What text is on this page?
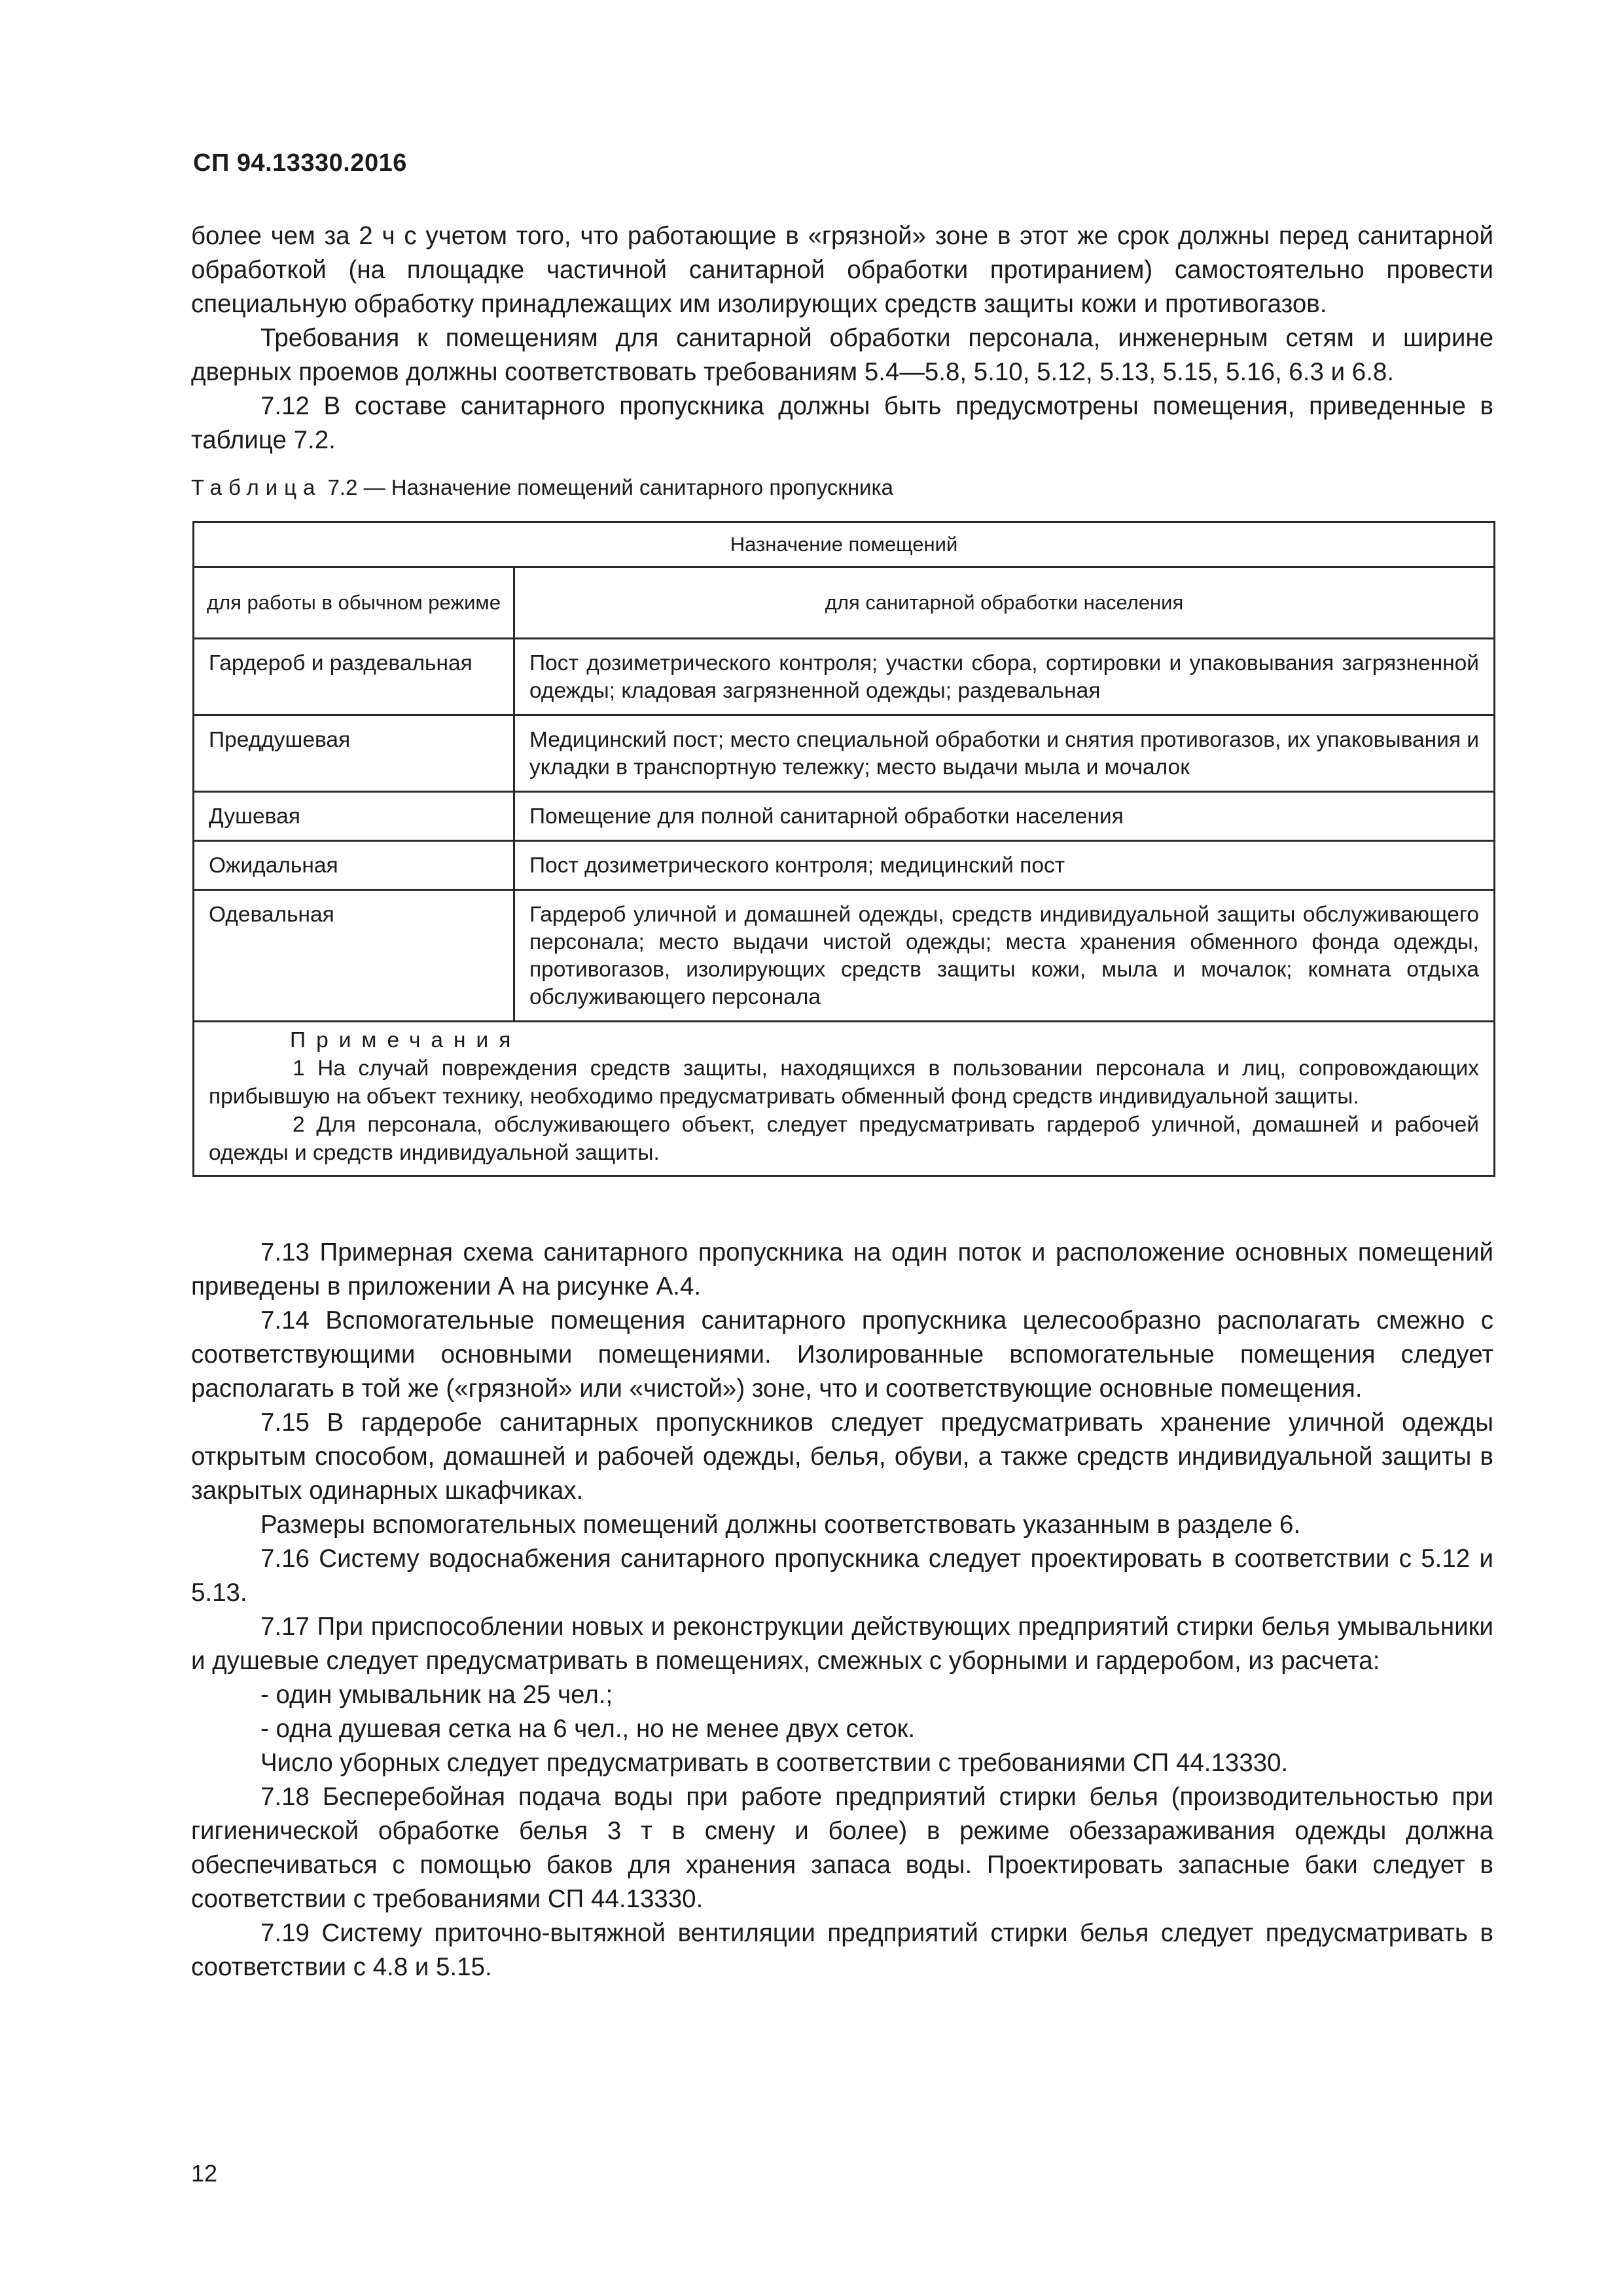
СП 94.13330.2016

более чем за 2 ч с учетом того, что работающие в «грязной» зоне в этот же срок должны перед санитарной обработкой (на площадке частичной санитарной обработки протиранием) самостоятельно провести специальную обработку принадлежащих им изолирующих средств защиты кожи и противогазов.

Требования к помещениям для санитарной обработки персонала, инженерным сетям и ширине дверных проемов должны соответствовать требованиям 5.4—5.8, 5.10, 5.12, 5.13, 5.15, 5.16, 6.3 и 6.8.

7.12 В составе санитарного пропускника должны быть предусмотрены помещения, приведенные в таблице 7.2.

Таблица 7.2 — Назначение помещений санитарного пропускника

Назначение помещений	
для работы в обычном режиме	для санитарной обработки населения
Гардероб и раздевальная	Пост дозиметрического контроля; участки сбора, сортировки и упаковывания загрязненной одежды; кладовая загрязненной одежды; раздевальная
Преддушевая	Медицинский пост; место специальной обработки и снятия противогазов, их упаковывания и укладки в транспортную тележку; место выдачи мыла и мочалок
Душевая	Помещение для полной санитарной обработки населения
Ожидальная	Пост дозиметрического контроля; медицинский пост
Одевальная	Гардероб уличной и домашней одежды, средств индивидуальной защиты обслуживающего персонала; место выдачи чистой одежды; места хранения обменного фонда одежды, противогазов, изолирующих средств защиты кожи, мыла и мочалок; комната отдыха обслуживающего персонала

Примечания

1 На случай повреждения средств защиты, находящихся в пользовании персонала и лиц, сопровождающих прибывшую на объект технику, необходимо предусматривать обменный фонд средств индивидуальной защиты.

2 Для персонала, обслуживающего объект, следует предусматривать гардероб уличной, домашней и рабочей одежды и средств индивидуальной защиты.	

7.13 Примерная схема санитарного пропускника на один поток и расположение основных помещений приведены в приложении А на рисунке А.4.

7.14 Вспомогательные помещения санитарного пропускника целесообразно располагать смежно с соответствующими основными помещениями. Изолированные вспомогательные помещения следует располагать в той же («грязной» или «чистой») зоне, что и соответствующие основные помещения.

7.15 В гардеробе санитарных пропускников следует предусматривать хранение уличной одежды открытым способом, домашней и рабочей одежды, белья, обуви, а также средств индивидуальной защиты в закрытых одинарных шкафчиках.

Размеры вспомогательных помещений должны соответствовать указанным в разделе 6.

7.16 Систему водоснабжения санитарного пропускника следует проектировать в соответствии с 5.12 и 5.13.

7.17 При приспособлении новых и реконструкции действующих предприятий стирки белья умывальники и душевые следует предусматривать в помещениях, смежных с уборными и гардеробом, из расчета:

- один умывальник на 25 чел.;

- одна душевая сетка на 6 чел., но не менее двух сеток.

Число уборных следует предусматривать в соответствии с требованиями СП 44.13330.

7.18 Бесперебойная подача воды при работе предприятий стирки белья (производительностью при гигиенической обработке белья 3 т в смену и более) в режиме обеззараживания одежды должна обеспечиваться с помощью баков для хранения запаса воды. Проектировать запасные баки следует в соответствии с требованиями СП 44.13330.

7.19 Систему приточно-вытяжной вентиляции предприятий стирки белья следует предусматривать в соответствии с 4.8 и 5.15.

12
